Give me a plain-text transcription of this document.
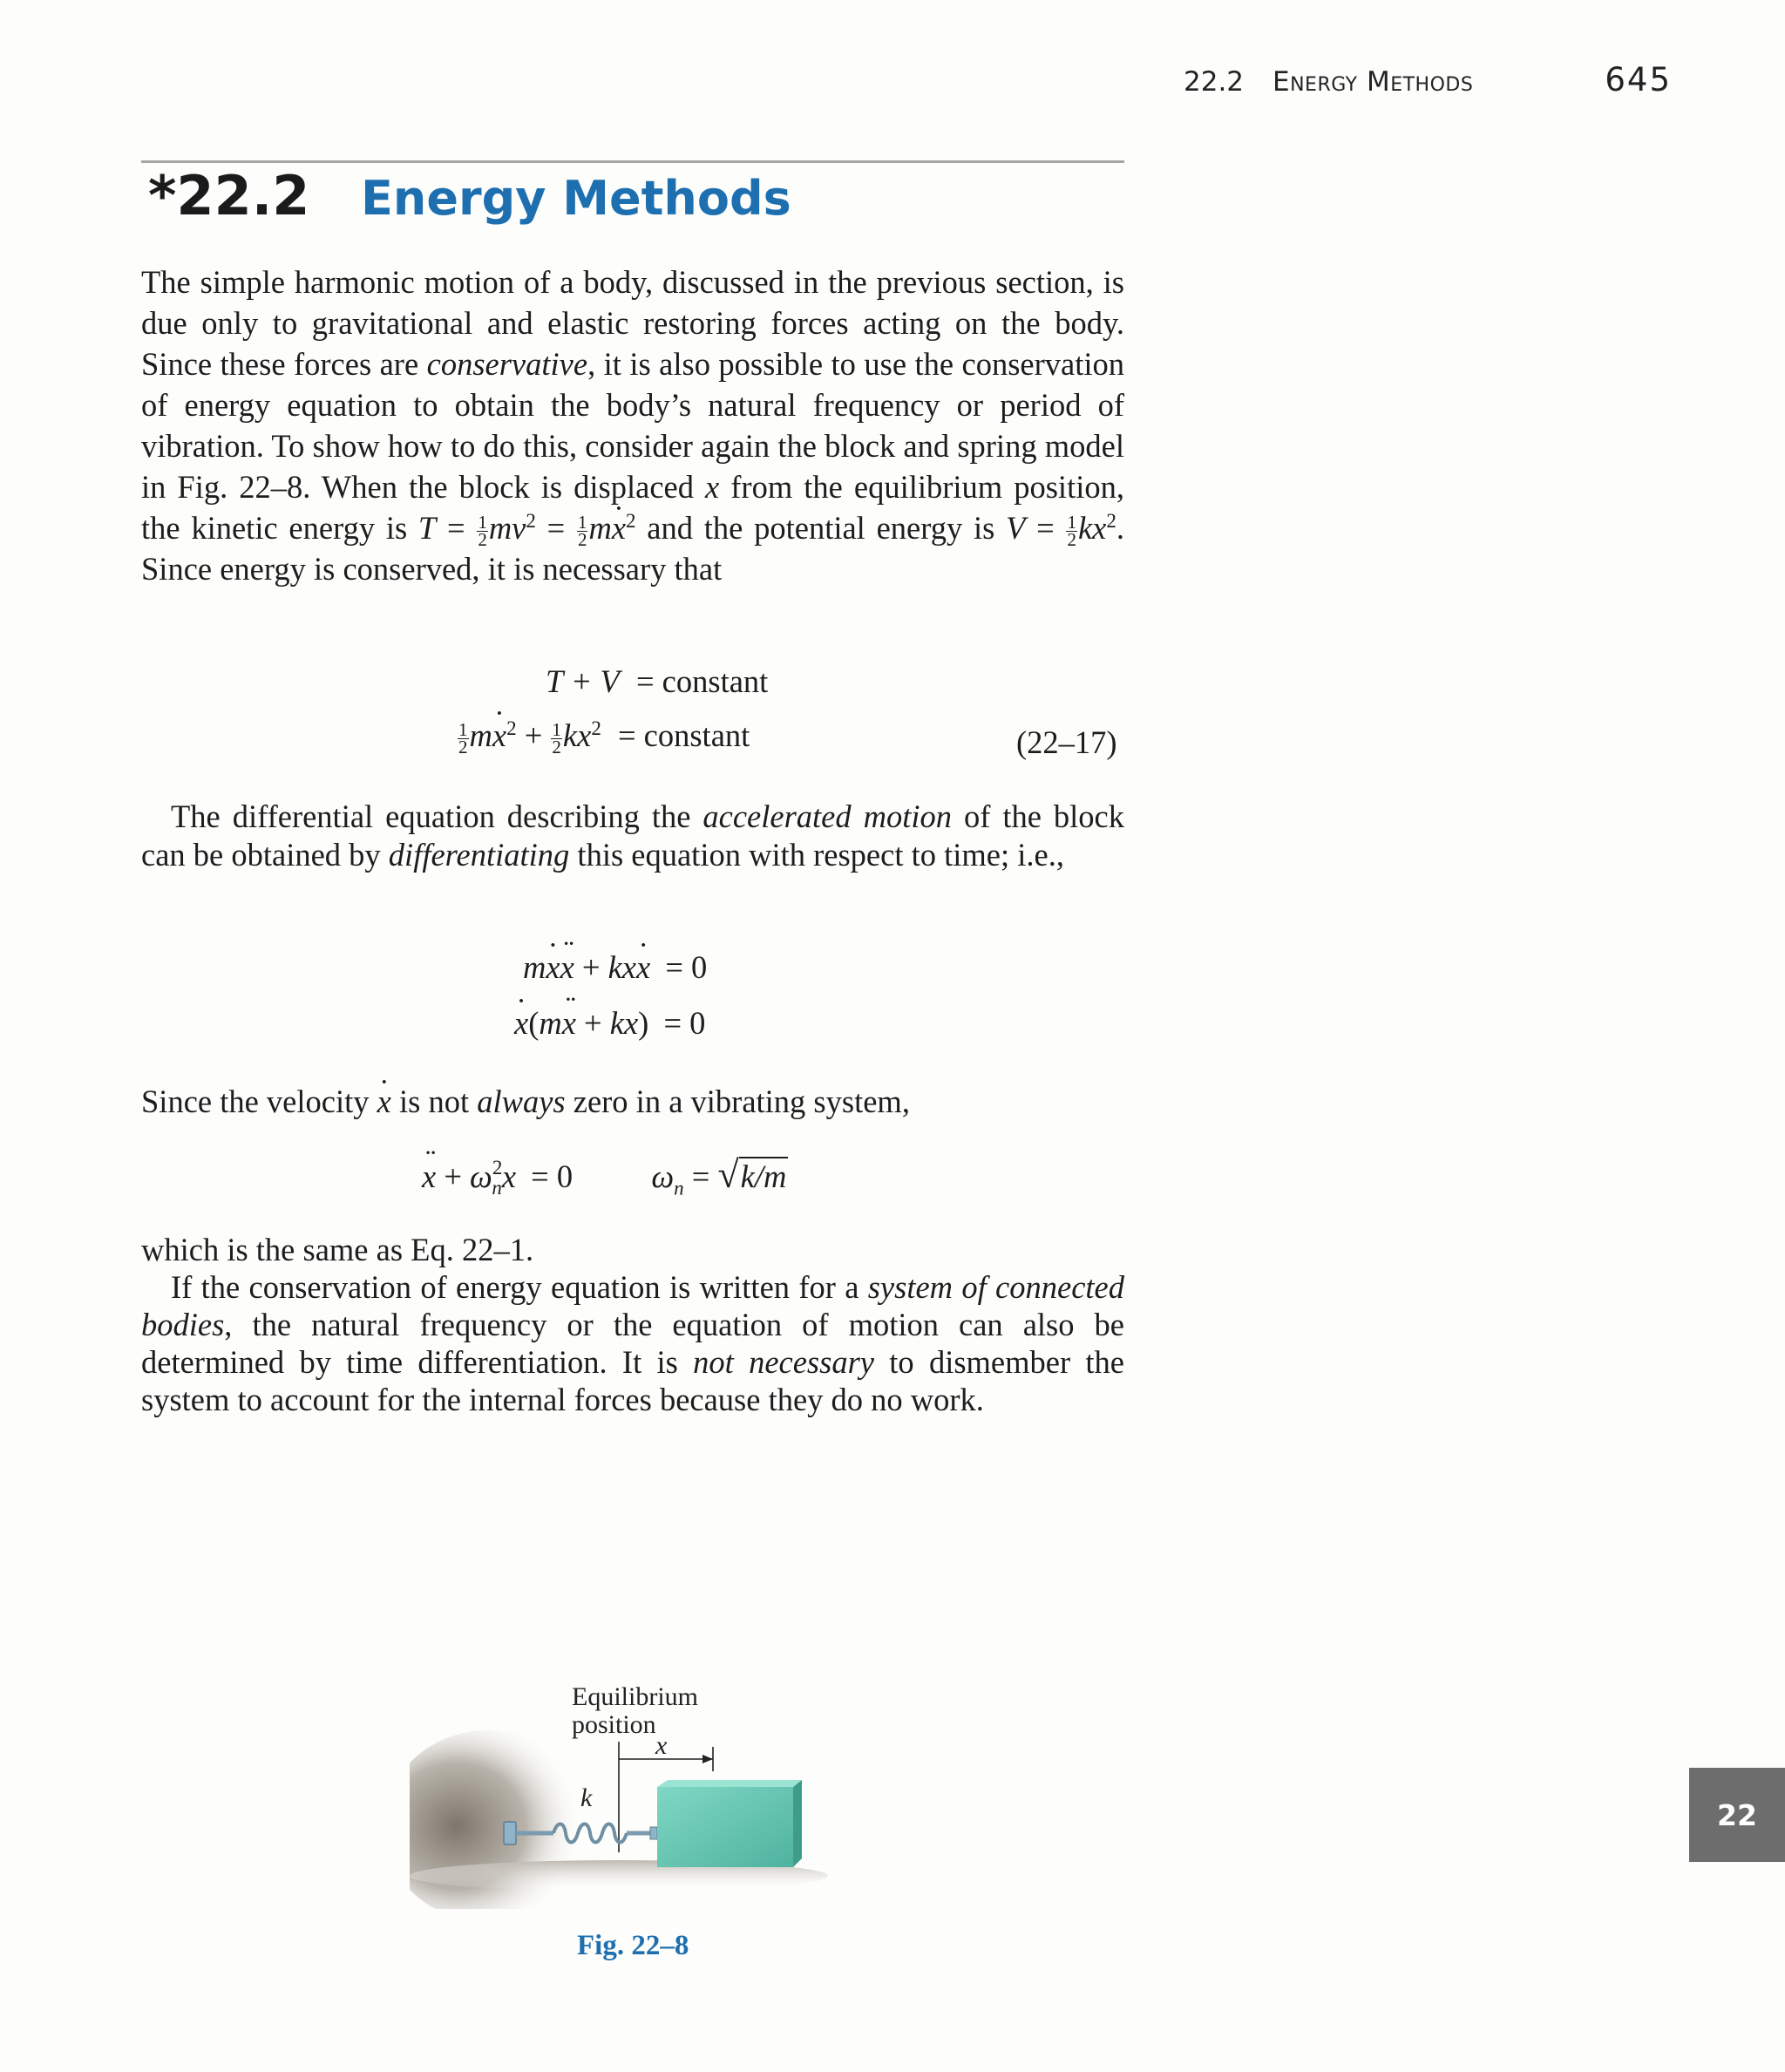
22.2 Energy Methods	645
*22.2 Energy Methods

The simple harmonic motion of a body, discussed in the previous section, is due only to gravitational and elastic restoring forces acting on the body. Since these forces are conservative, it is also possible to use the conservation of energy equation to obtain the body’s natural frequency or period of vibration. To show how to do this, consider again the block and spring model in Fig. 22–8. When the block is displaced x from the equilibrium position, the kinetic energy is $T = \frac{1}{2} mv^2 = \frac{1}{2}$ mx ·$^2$ and the potential energy is $V = \frac{1}{2} kx^2$. Since energy is conserved, it is necessary that

T + V = constant
$\frac{1}{2}$ mx $\cdot^2 + \frac{1}{2} kx^2$ = constant	(22–17)

The differential equation describing the accelerated motion of the block can be obtained by differentiating this equation with respect to time; i.e.,

mx ·x ·· + kxx · = 0
x ·(mx ·· + kx) = 0

Since the velocity x · is not always zero in a vibrating system,

x ·· + $\omega^2_nx = 0$ $\omega_n = √k/m$

which is the same as Eq. 22–1.
If the conservation of energy equation is written for a system of connected bodies, the natural frequency or the equation of motion can also be determined by time differentiation. It is not necessary to dismember the system to account for the internal forces because they do no work.

Equilibrium
position
x
k
Fig. 22–8
22
